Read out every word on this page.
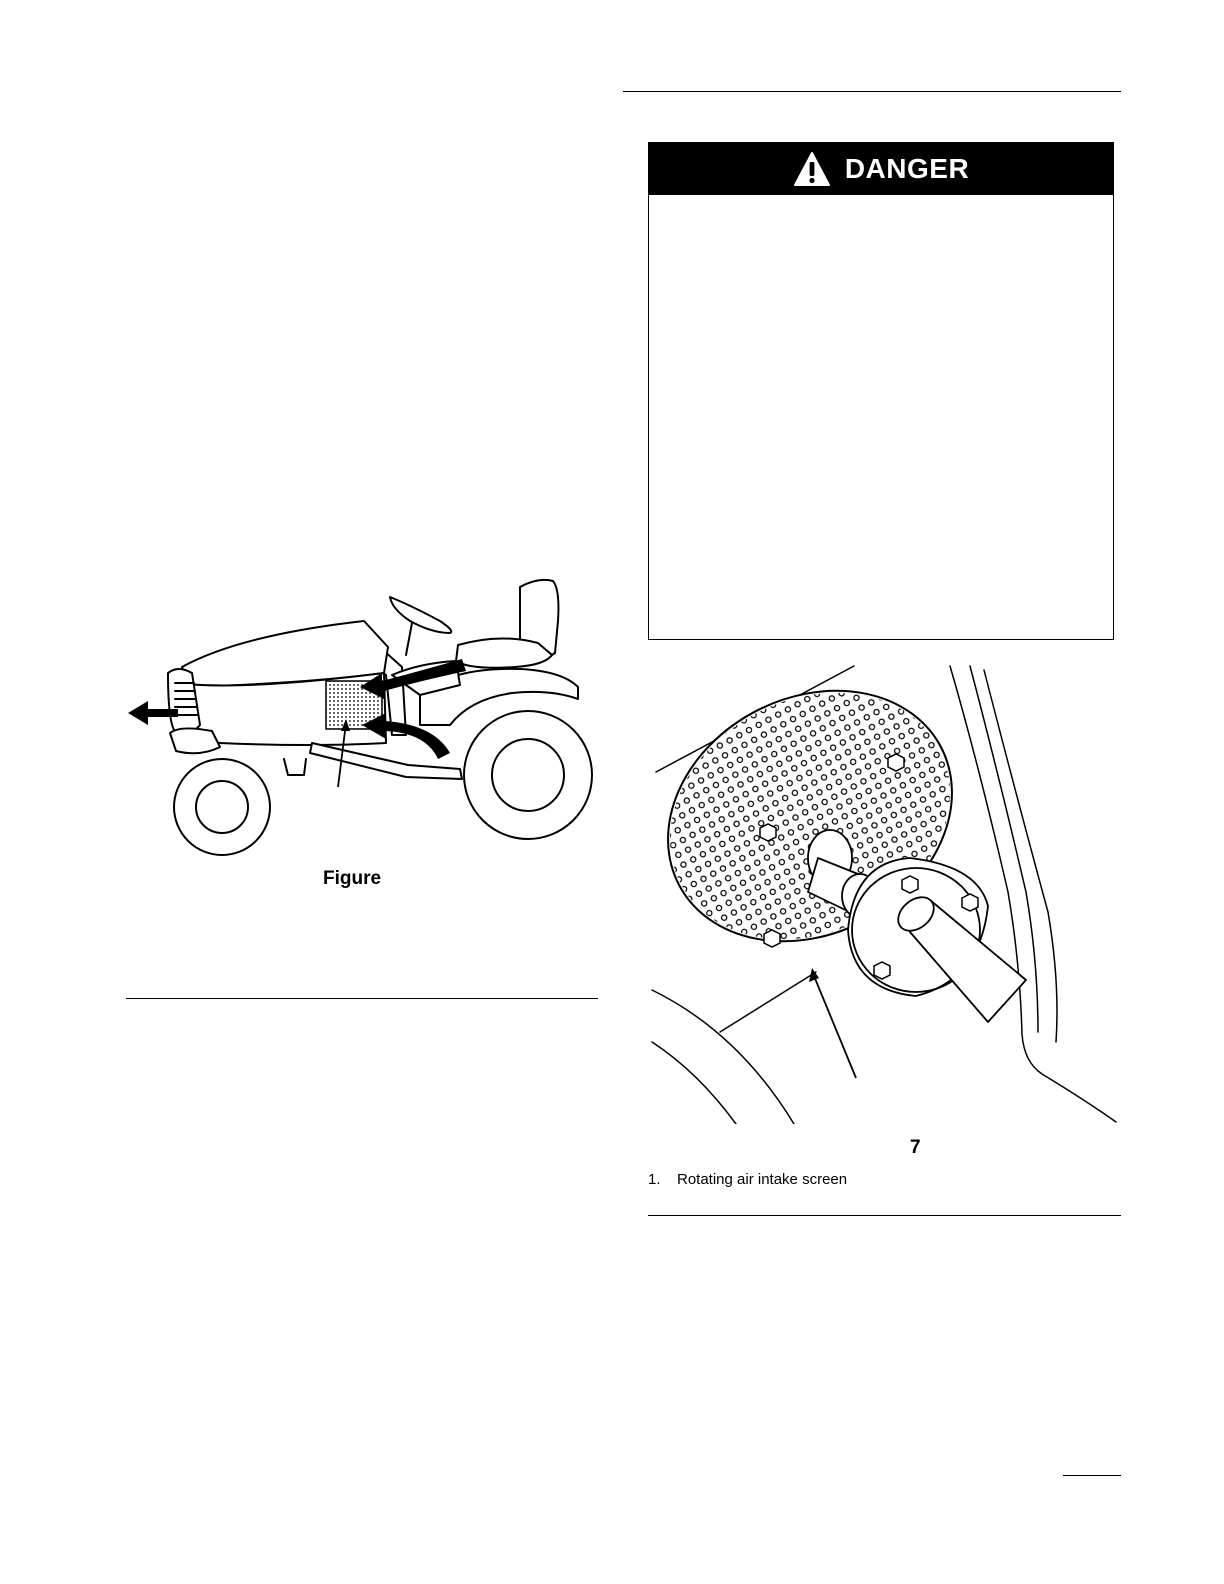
DANGER
Figure
7
1.	Rotating air intake screen
